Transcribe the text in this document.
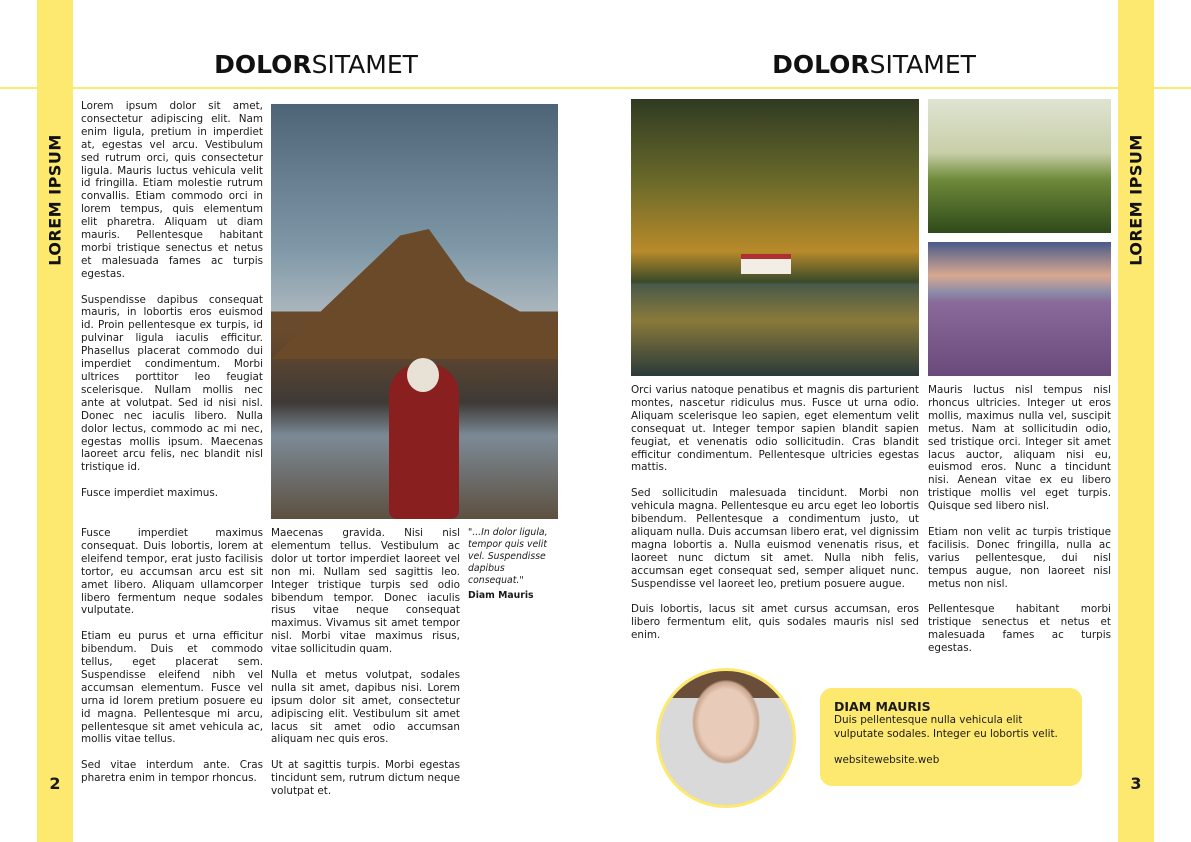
LOREM IPSUM
2
LOREM IPSUM
3
DOLORSITAMET	DOLORSITAMET

Lorem ipsum dolor sit amet, consectetur adipiscing elit. Nam enim ligula, pretium in imperdiet at, egestas vel arcu. Vestibulum sed rutrum orci, quis consectetur ligula. Mauris luctus vehicula velit id fringilla. Etiam molestie rutrum convallis. Etiam commodo orci in lorem tempus, quis elementum elit pharetra. Aliquam ut diam mauris. Pellentesque habitant morbi tristique senectus et netus et malesuada fames ac turpis egestas.

Suspendisse dapibus consequat mauris, in lobortis eros euismod id. Proin pellentesque ex turpis, id pulvinar ligula iaculis efficitur. Phasellus placerat commodo dui imperdiet condimentum. Morbi ultrices porttitor leo feugiat scelerisque. Nullam mollis nec ante at volutpat. Sed id nisi nisl. Donec nec iaculis libero. Nulla dolor lectus, commodo ac mi nec, egestas mollis ipsum. Maecenas laoreet arcu felis, nec blandit nisl tristique id.

Fusce imperdiet maximus.

Fusce imperdiet maximus consequat. Duis lobortis, lorem at eleifend tempor, erat justo facilisis tortor, eu accumsan arcu est sit amet libero. Aliquam ullamcorper libero fermentum neque sodales vulputate.

Etiam eu purus et urna efficitur bibendum. Duis et commodo tellus, eget placerat sem. Suspendisse eleifend nibh vel accumsan elementum. Fusce vel urna id lorem pretium posuere eu id magna. Pellentesque mi arcu, pellentesque sit amet vehicula ac, mollis vitae tellus.

Sed vitae interdum ante. Cras pharetra enim in tempor rhoncus.

Maecenas gravida. Nisi nisl elementum tellus. Vestibulum ac dolor ut tortor imperdiet laoreet vel non mi. Nullam sed sagittis leo. Integer tristique turpis sed odio bibendum tempor. Donec iaculis risus vitae neque consequat maximus. Vivamus sit amet tempor nisl. Morbi vitae maximus risus, vitae sollicitudin quam.

Nulla et metus volutpat, sodales nulla sit amet, dapibus nisi. Lorem ipsum dolor sit amet, consectetur adipiscing elit. Vestibulum sit amet lacus sit amet odio accumsan aliquam nec quis eros.

Ut at sagittis turpis. Morbi egestas tincidunt sem, rutrum dictum neque volutpat et.

"...In dolor ligula, tempor quis velit vel. Suspendisse dapibus consequat."
Diam Mauris

Orci varius natoque penatibus et magnis dis parturient montes, nascetur ridiculus mus. Fusce ut urna odio. Aliquam scelerisque leo sapien, eget elementum velit consequat ut. Integer tempor sapien blandit sapien feugiat, et venenatis odio sollicitudin. Cras blandit efficitur condimentum. Pellentesque ultricies egestas mattis.

Sed sollicitudin malesuada tincidunt. Morbi non vehicula magna. Pellentesque eu arcu eget leo lobortis bibendum. Pellentesque a condimentum justo, ut aliquam nulla. Duis accumsan libero erat, vel dignissim magna lobortis a. Nulla euismod venenatis risus, et laoreet nunc dictum sit amet. Nulla nibh felis, accumsan eget consequat sed, semper aliquet nunc. Suspendisse vel laoreet leo, pretium posuere augue.

Duis lobortis, lacus sit amet cursus accumsan, eros libero fermentum elit, quis sodales mauris nisl sed enim.

Mauris luctus nisl tempus nisl rhoncus ultricies. Integer ut eros mollis, maximus nulla vel, suscipit metus. Nam at sollicitudin odio, sed tristique orci. Integer sit amet lacus auctor, aliquam nisi eu, euismod eros. Nunc a tincidunt nisi. Aenean vitae ex eu libero tristique mollis vel eget turpis. Quisque sed libero nisl.

Etiam non velit ac turpis tristique facilisis. Donec fringilla, nulla ac varius pellentesque, dui nisl tempus augue, non laoreet nisl metus non nisl.

Pellentesque habitant morbi tristique senectus et netus et malesuada fames ac turpis egestas.

DIAM MAURIS
Duis pellentesque nulla vehicula elit vulputate sodales. Integer eu lobortis velit.
websitewebsite.web
